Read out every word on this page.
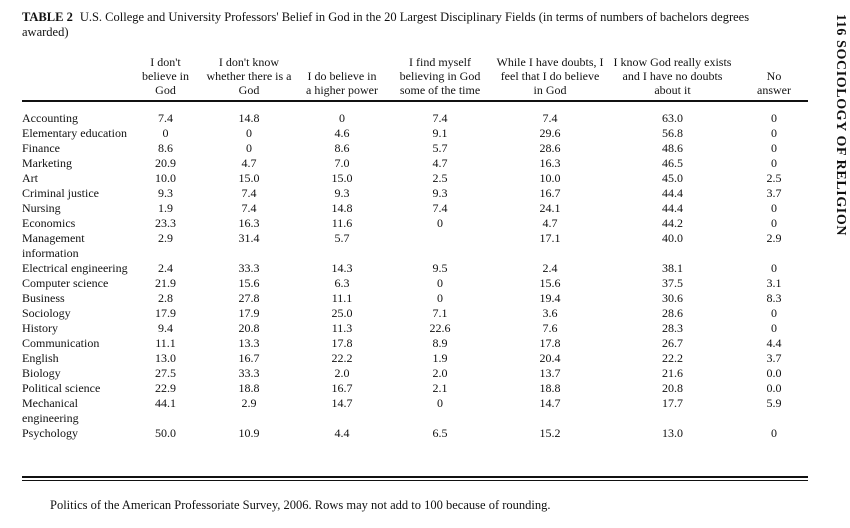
TABLE 2 U.S. College and University Professors' Belief in God in the 20 Largest Disciplinary Fields (in terms of numbers of bachelors degrees awarded)	116 SOCIOLOGY OF RELIGION
	I don't believe in God	I don't know whether there is a God	I do believe in a higher power	I find myself believing in God some of the time	While I have doubts, I feel that I do believe in God	I know God really exists and I have no doubts about it	No answer
Accounting	7.4	14.8	0	7.4	7.4	63.0	0
Elementary education	0	0	4.6	9.1	29.6	56.8	0
Finance	8.6	0	8.6	5.7	28.6	48.6	0
Marketing	20.9	4.7	7.0	4.7	16.3	46.5	0
Art	10.0	15.0	15.0	2.5	10.0	45.0	2.5
Criminal justice	9.3	7.4	9.3	9.3	16.7	44.4	3.7
Nursing	1.9	7.4	14.8	7.4	24.1	44.4	0
Economics	23.3	16.3	11.6	0	4.7	44.2	0
Management information	2.9	31.4	5.7		17.1	40.0	2.9
Electrical engineering	2.4	33.3	14.3	9.5	2.4	38.1	0
Computer science	21.9	15.6	6.3	0	15.6	37.5	3.1
Business	2.8	27.8	11.1	0	19.4	30.6	8.3
Sociology	17.9	17.9	25.0	7.1	3.6	28.6	0
History	9.4	20.8	11.3	22.6	7.6	28.3	0
Communication	11.1	13.3	17.8	8.9	17.8	26.7	4.4
English	13.0	16.7	22.2	1.9	20.4	22.2	3.7
Biology	27.5	33.3	2.0	2.0	13.7	21.6	0.0
Political science	22.9	18.8	16.7	2.1	18.8	20.8	0.0
Mechanical engineering	44.1	2.9	14.7	0	14.7	17.7	5.9
Psychology	50.0	10.9	4.4	6.5	15.2	13.0	0
Politics of the American Professoriate Survey, 2006. Rows may not add to 100 because of rounding.
